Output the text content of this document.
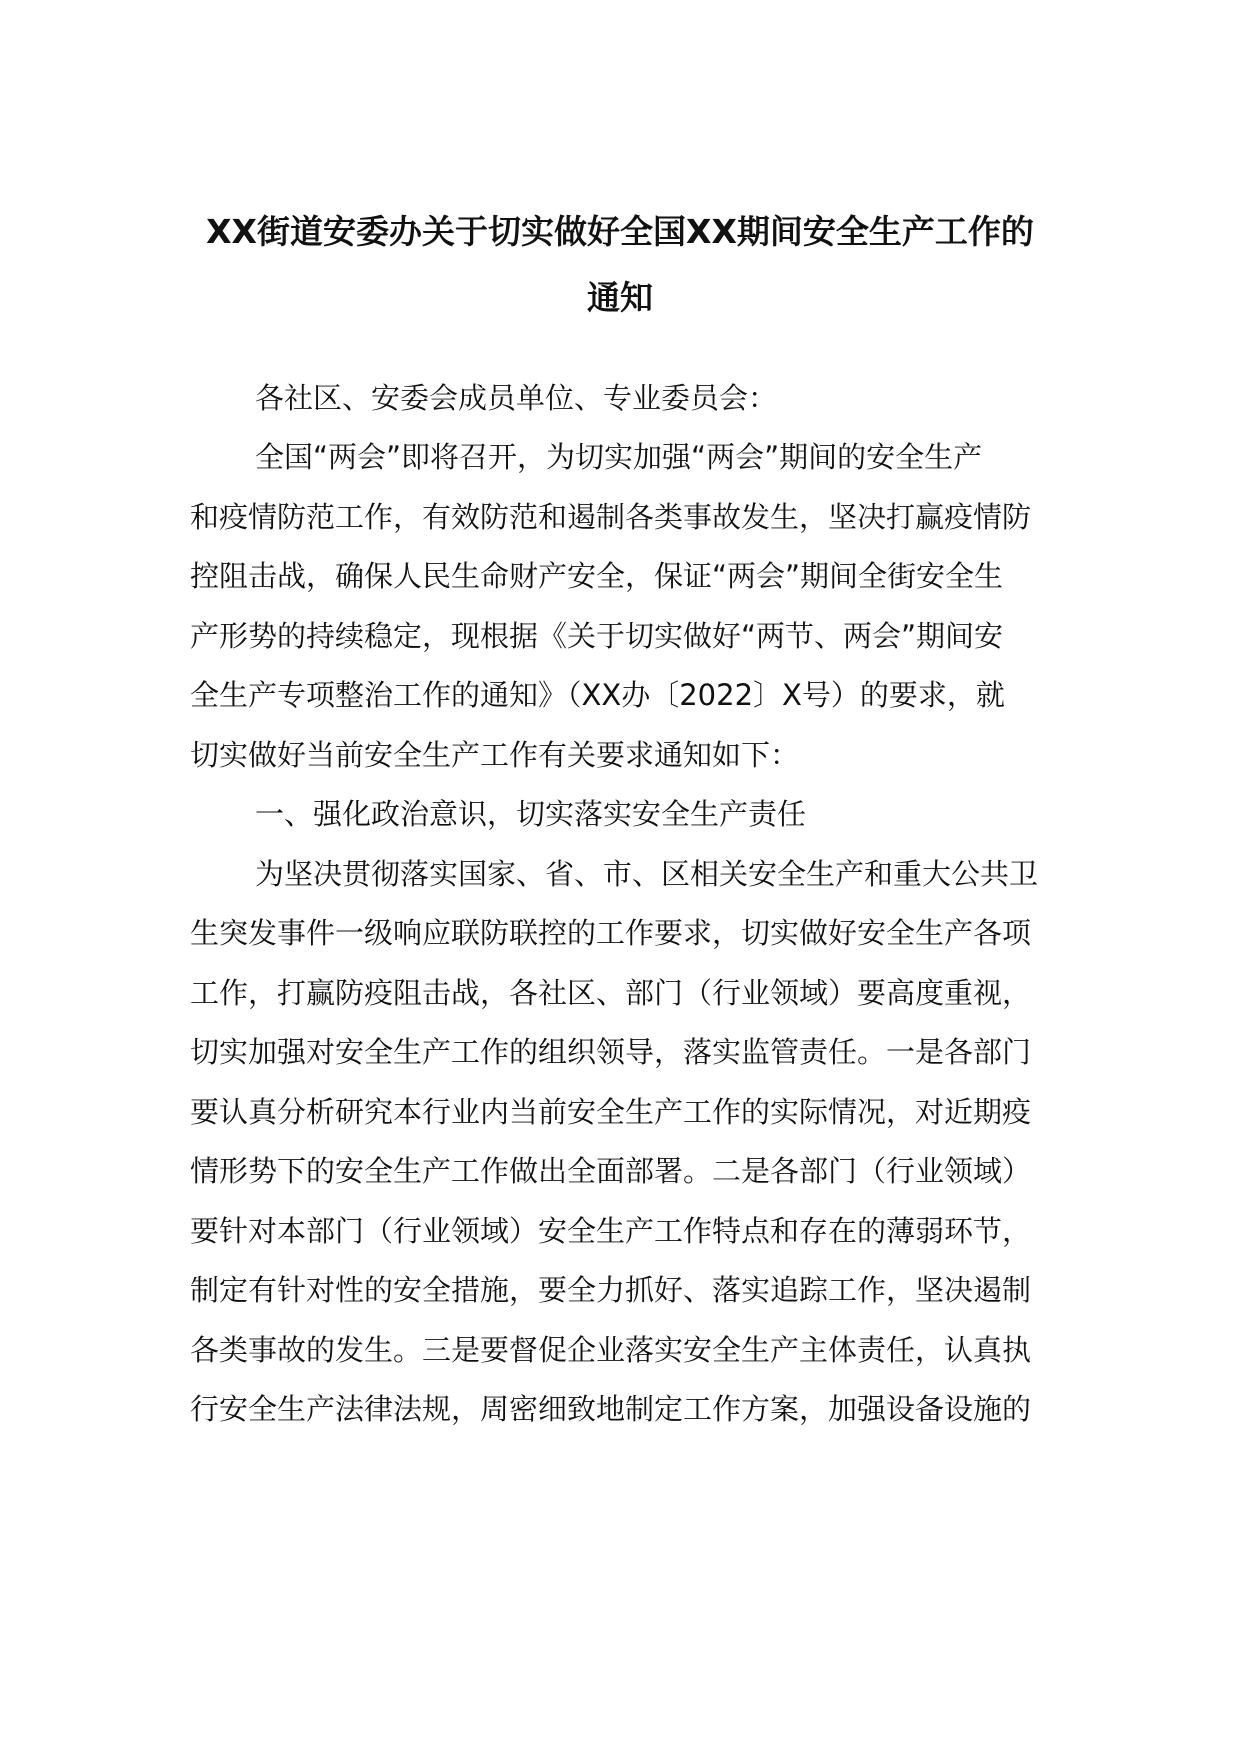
XX街道安委办关于切实做好全国XX期间安全生产工作的
通知

各社区、安委会成员单位、专业委员会：

全国“两会”即将召开，为切实加强“两会”期间的安全生产

和疫情防范工作，有效防范和遏制各类事故发生，坚决打赢疫情防

控阻击战，确保人民生命财产安全，保证“两会”期间全街安全生

产形势的持续稳定，现根据《关于切实做好“两节、两会”期间安

全生产专项整治工作的通知》（XX办〔2022〕X号）的要求，就

切实做好当前安全生产工作有关要求通知如下：

一、强化政治意识，切实落实安全生产责任

为坚决贯彻落实国家、省、市、区相关安全生产和重大公共卫

生突发事件一级响应联防联控的工作要求，切实做好安全生产各项

工作，打赢防疫阻击战，各社区、部门（行业领域）要高度重视，

切实加强对安全生产工作的组织领导，落实监管责任。一是各部门

要认真分析研究本行业内当前安全生产工作的实际情况，对近期疫

情形势下的安全生产工作做出全面部署。二是各部门（行业领域）

要针对本部门（行业领域）安全生产工作特点和存在的薄弱环节，

制定有针对性的安全措施，要全力抓好、落实追踪工作，坚决遏制

各类事故的发生。三是要督促企业落实安全生产主体责任，认真执

行安全生产法律法规，周密细致地制定工作方案，加强设备设施的
